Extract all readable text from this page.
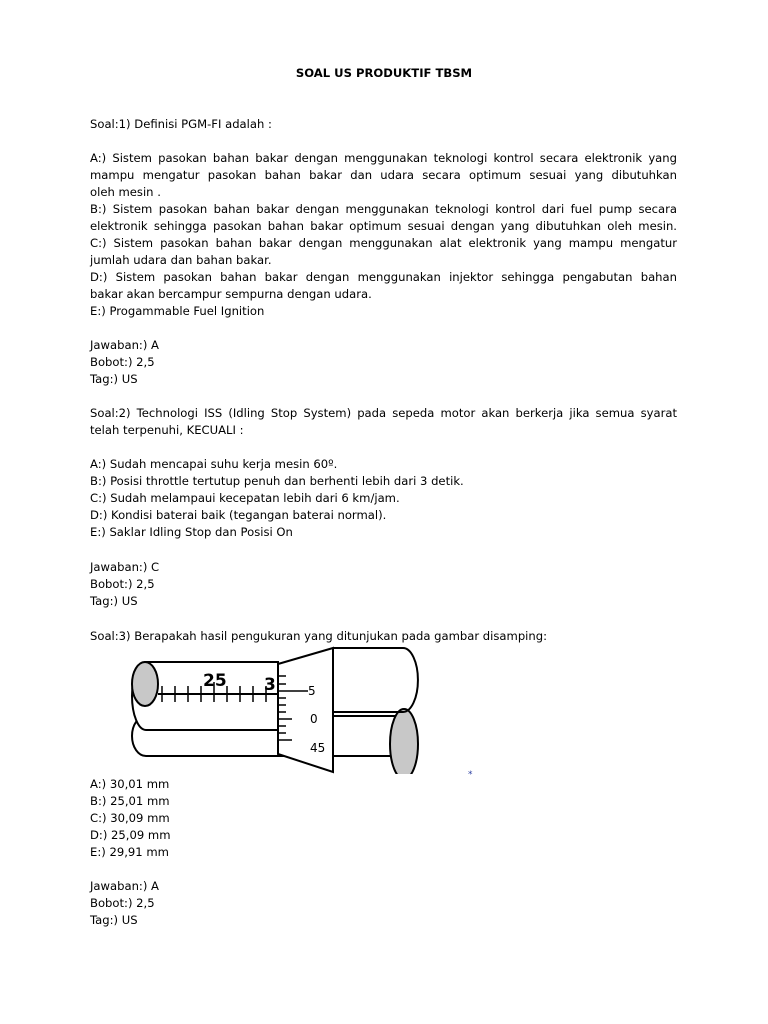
SOAL US PRODUKTIF TBSM
Soal:1) Definisi PGM-FI adalah :
A:) Sistem pasokan bahan bakar dengan menggunakan teknologi kontrol secara elektronik yang
mampu mengatur pasokan bahan bakar dan udara secara optimum sesuai yang dibutuhkan
oleh mesin .
B:) Sistem pasokan bahan bakar dengan menggunakan teknologi kontrol dari fuel pump secara
elektronik sehingga pasokan bahan bakar optimum sesuai dengan yang dibutuhkan oleh mesin.
C:) Sistem pasokan bahan bakar dengan menggunakan alat elektronik yang mampu mengatur
jumlah udara dan bahan bakar.
D:) Sistem pasokan bahan bakar dengan menggunakan injektor sehingga pengabutan bahan
bakar akan bercampur sempurna dengan udara.
E:) Progammable Fuel Ignition
Jawaban:) A
Bobot:) 2,5
Tag:) US
Soal:2) Technologi ISS (Idling Stop System) pada sepeda motor akan berkerja jika semua syarat
telah terpenuhi, KECUALI :
A:) Sudah mencapai suhu kerja mesin 60º.
B:) Posisi throttle tertutup penuh dan berhenti lebih dari 3 detik.
C:) Sudah melampaui kecepatan lebih dari 6 km/jam.
D:) Kondisi baterai baik (tegangan baterai normal).
E:) Saklar Idling Stop dan Posisi On
Jawaban:) C
Bobot:) 2,5
Tag:) US
Soal:3) Berapakah hasil pengukuran yang ditunjukan pada gambar disamping:
25 3	5
0
45
*
A:) 30,01 mm
B:) 25,01 mm
C:) 30,09 mm
D:) 25,09 mm
E:) 29,91 mm
Jawaban:) A
Bobot:) 2,5
Tag:) US
